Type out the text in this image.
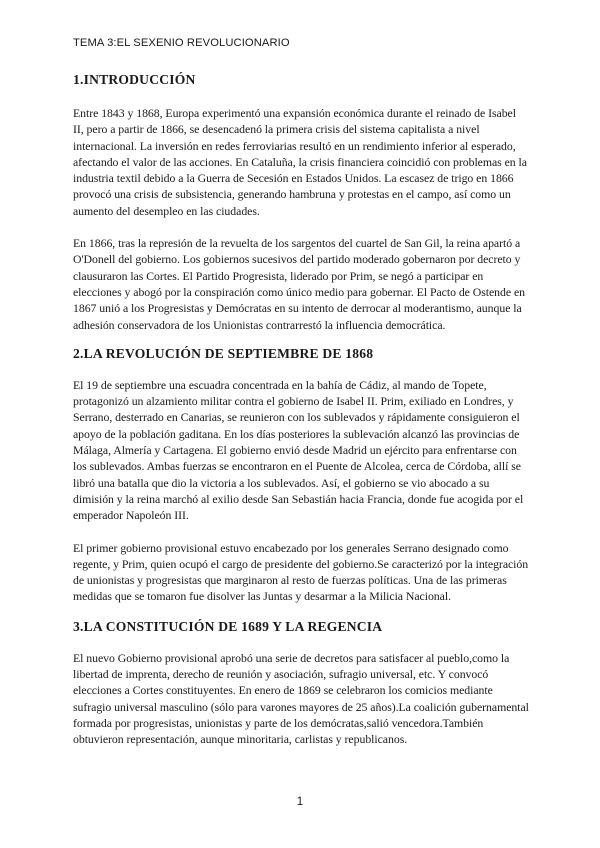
TEMA 3:EL SEXENIO REVOLUCIONARIO
1.INTRODUCCIÓN

Entre 1843 y 1868, Europa experimentó una expansión económica durante el reinado de Isabel II, pero a partir de 1866, se desencadenó la primera crisis del sistema capitalista a nivel internacional. La inversión en redes ferroviarias resultó en un rendimiento inferior al esperado, afectando el valor de las acciones. En Cataluña, la crisis financiera coincidió con problemas en la industria textil debido a la Guerra de Secesión en Estados Unidos. La escasez de trigo en 1866 provocó una crisis de subsistencia, generando hambruna y protestas en el campo, así como un aumento del desempleo en las ciudades.

En 1866, tras la represión de la revuelta de los sargentos del cuartel de San Gil, la reina apartó a O'Donell del gobierno. Los gobiernos sucesivos del partido moderado gobernaron por decreto y clausuraron las Cortes. El Partido Progresista, liderado por Prim, se negó a participar en elecciones y abogó por la conspiración como único medio para gobernar. El Pacto de Ostende en 1867 unió a los Progresistas y Demócratas en su intento de derrocar al moderantismo, aunque la adhesión conservadora de los Unionistas contrarrestó la influencia democrática.

2.LA REVOLUCIÓN DE SEPTIEMBRE DE 1868

El 19 de septiembre una escuadra concentrada en la bahía de Cádiz, al mando de Topete, protagonizó un alzamiento militar contra el gobierno de Isabel II. Prim, exiliado en Londres, y Serrano, desterrado en Canarias, se reunieron con los sublevados y rápidamente consiguieron el apoyo de la población gaditana. En los días posteriores la sublevación alcanzó las provincias de Málaga, Almería y Cartagena. El gobierno envió desde Madrid un ejército para enfrentarse con los sublevados. Ambas fuerzas se encontraron en el Puente de Alcolea, cerca de Córdoba, allí se libró una batalla que dio la victoria a los sublevados. Así, el gobierno se vio abocado a su dimisión y la reina marchó al exilio desde San Sebastián hacia Francia, donde fue acogida por el emperador Napoleón III.

El primer gobierno provisional estuvo encabezado por los generales Serrano designado como regente, y Prim, quien ocupó el cargo de presidente del gobierno.Se caracterizó por la integración de unionistas y progresistas que marginaron al resto de fuerzas políticas. Una de las primeras medidas que se tomaron fue disolver las Juntas y desarmar a la Milicia Nacional.

3.LA CONSTITUCIÓN DE 1689 Y LA REGENCIA

El nuevo Gobierno provisional aprobó una serie de decretos para satisfacer al pueblo,como la libertad de imprenta, derecho de reunión y asociación, sufragio universal, etc. Y convocó elecciones a Cortes constituyentes. En enero de 1869 se celebraron los comicios mediante sufragio universal masculino (sólo para varones mayores de 25 años).La coalición gubernamental formada por progresistas, unionistas y parte de los demócratas,salió vencedora.También obtuvieron representación, aunque minoritaria, carlistas y republicanos.

1
